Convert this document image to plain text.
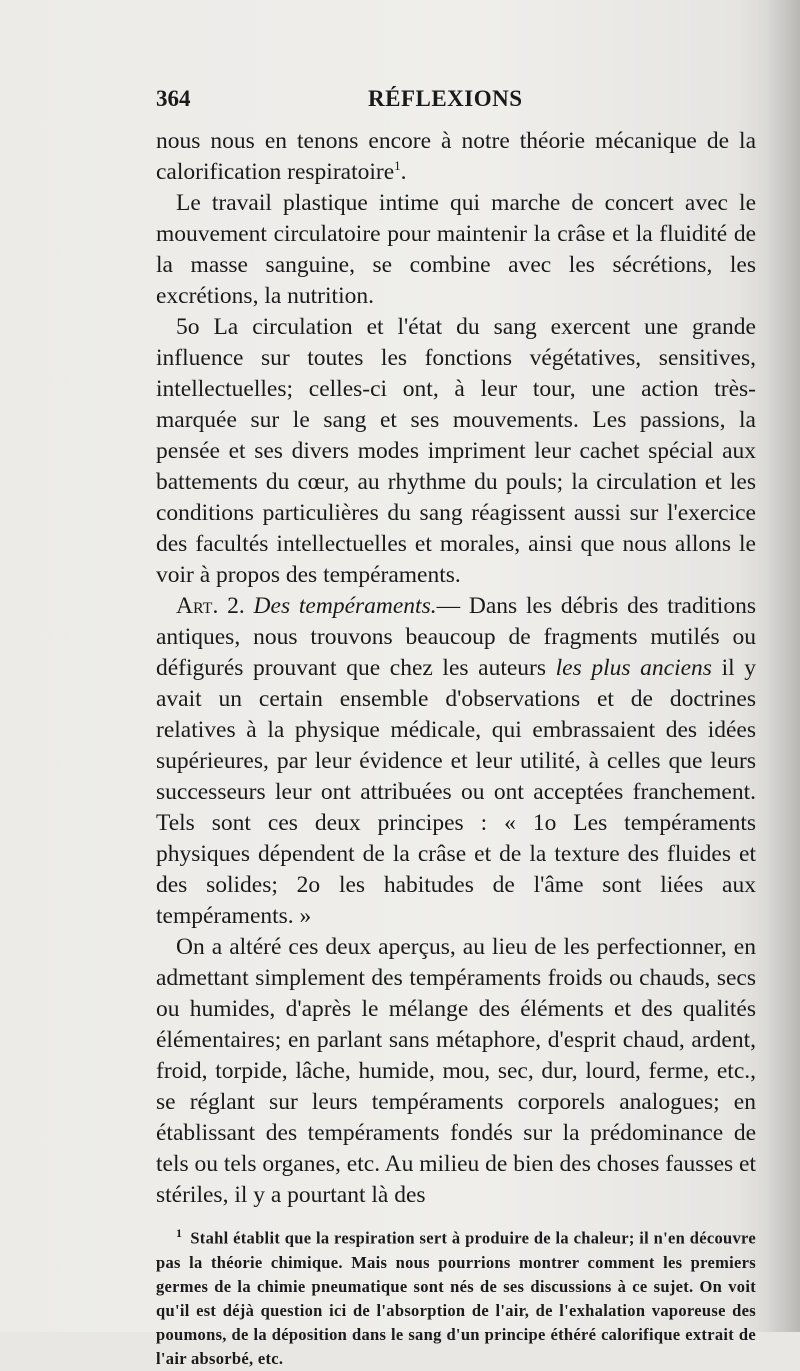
364	RÉFLEXIONS

nous nous en tenons encore à notre théorie mécanique de la calorification respiratoire$^1$.

Le travail plastique intime qui marche de concert avec le mouvement circulatoire pour maintenir la crâse et la fluidité de la masse sanguine, se combine avec les sécrétions, les excrétions, la nutrition.

5o La circulation et l'état du sang exercent une grande influence sur toutes les fonctions végétatives, sensitives, intellectuelles; celles-ci ont, à leur tour, une action très-marquée sur le sang et ses mouvements. Les passions, la pensée et ses divers modes impriment leur cachet spécial aux battements du cœur, au rhythme du pouls; la circulation et les conditions particulières du sang réagissent aussi sur l'exercice des facultés intellectuelles et morales, ainsi que nous allons le voir à propos des tempéraments.

Art. 2. Des tempéraments.— Dans les débris des traditions antiques, nous trouvons beaucoup de fragments mutilés ou défigurés prouvant que chez les auteurs les plus anciens il y avait un certain ensemble d'observations et de doctrines relatives à la physique médicale, qui embrassaient des idées supérieures, par leur évidence et leur utilité, à celles que leurs successeurs leur ont attribuées ou ont acceptées franchement. Tels sont ces deux principes : « 1o Les tempéraments physiques dépendent de la crâse et de la texture des fluides et des solides; 2o les habitudes de l'âme sont liées aux tempéraments. »

On a altéré ces deux aperçus, au lieu de les perfectionner, en admettant simplement des tempéraments froids ou chauds, secs ou humides, d'après le mélange des éléments et des qualités élémentaires; en parlant sans métaphore, d'esprit chaud, ardent, froid, torpide, lâche, humide, mou, sec, dur, lourd, ferme, etc., se réglant sur leurs tempéraments corporels analogues; en établissant des tempéraments fondés sur la prédominance de tels ou tels organes, etc. Au milieu de bien des choses fausses et stériles, il y a pourtant là des

$^1$ Stahl établit que la respiration sert à produire de la chaleur; il n'en découvre pas la théorie chimique. Mais nous pourrions montrer comment les premiers germes de la chimie pneumatique sont nés de ses discussions à ce sujet. On voit qu'il est déjà question ici de l'absorption de l'air, de l'exhalation vaporeuse des poumons, de la déposition dans le sang d'un principe éthéré calorifique extrait de l'air absorbé, etc.
